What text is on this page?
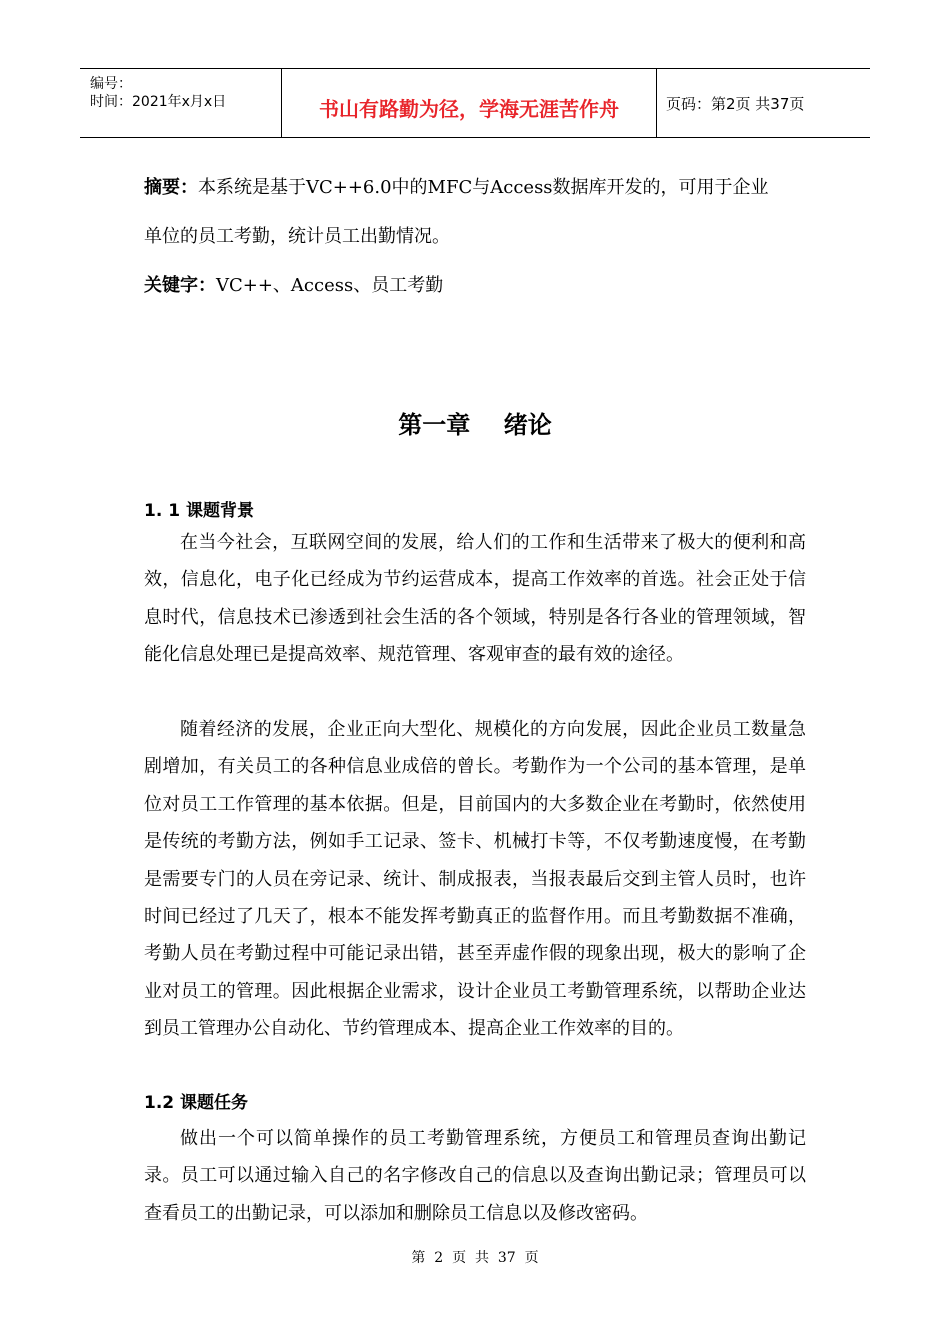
编号：
时间：2021年x月x日	书山有路勤为径，学海无涯苦作舟	页码：第2页 共37页
摘要：本系统是基于VC++6.0中的MFC与Access数据库开发的，可用于企业
单位的员工考勤，统计员工出勤情况。
关键字：VC++、Access、员工考勤
第一章    绪论
1. 1 课题背景
在当今社会，互联网空间的发展，给人们的工作和生活带来了极大的便利和高效，信息化，电子化已经成为节约运营成本，提高工作效率的首选。社会正处于信息时代，信息技术已渗透到社会生活的各个领域，特别是各行各业的管理领域，智能化信息处理已是提高效率、规范管理、客观审查的最有效的途径。
随着经济的发展，企业正向大型化、规模化的方向发展，因此企业员工数量急剧增加，有关员工的各种信息业成倍的曾长。考勤作为一个公司的基本管理，是单位对员工工作管理的基本依据。但是，目前国内的大多数企业在考勤时，依然使用是传统的考勤方法，例如手工记录、签卡、机械打卡等，不仅考勤速度慢，在考勤是需要专门的人员在旁记录、统计、制成报表，当报表最后交到主管人员时，也许时间已经过了几天了，根本不能发挥考勤真正的监督作用。而且考勤数据不准确，考勤人员在考勤过程中可能记录出错，甚至弄虚作假的现象出现，极大的影响了企业对员工的管理。因此根据企业需求，设计企业员工考勤管理系统，以帮助企业达到员工管理办公自动化、节约管理成本、提高企业工作效率的目的。
1.2 课题任务
做出一个可以简单操作的员工考勤管理系统，方便员工和管理员查询出勤记录。员工可以通过输入自己的名字修改自己的信息以及查询出勤记录；管理员可以查看员工的出勤记录，可以添加和删除员工信息以及修改密码。
第  2  页  共  37  页
